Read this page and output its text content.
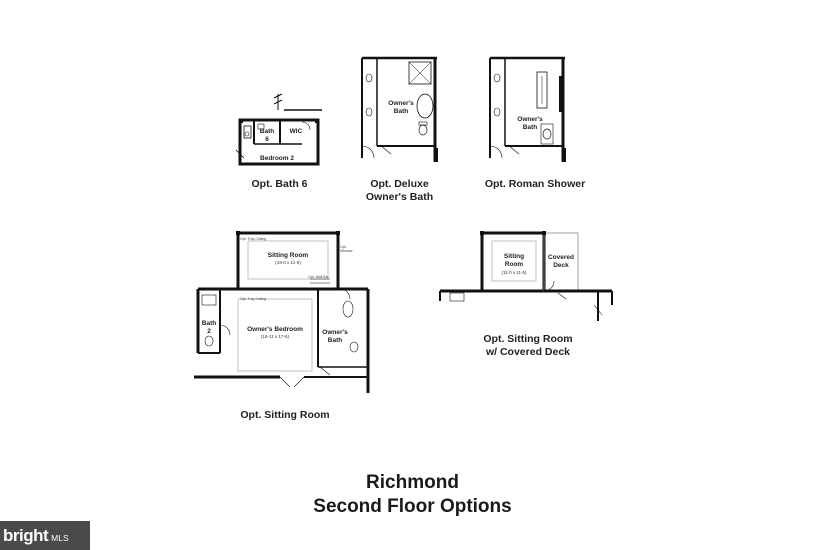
Bath
6
WIC
Bedroom 2
Opt. Bath 6
Owner's
Bath
Opt. Deluxe
Owner's Bath
Owner's
Bath
Opt. Roman Shower
Opt. Tray Ceiling
Opt.
Window
Sitting Room
(19-0 x 11-5)
Opt. Wall Bar
Opt. Tray Ceiling
Owner's Bedroom
(16-11 x 17-6)
Owner's
Bath
Bath
2
Opt. Sitting Room
Sitting
Room
(11-0 x 11-5)
Covered
Deck
Opt. Sitting Room
w/ Covered Deck
Richmond
Second Floor Options
bright MLS
